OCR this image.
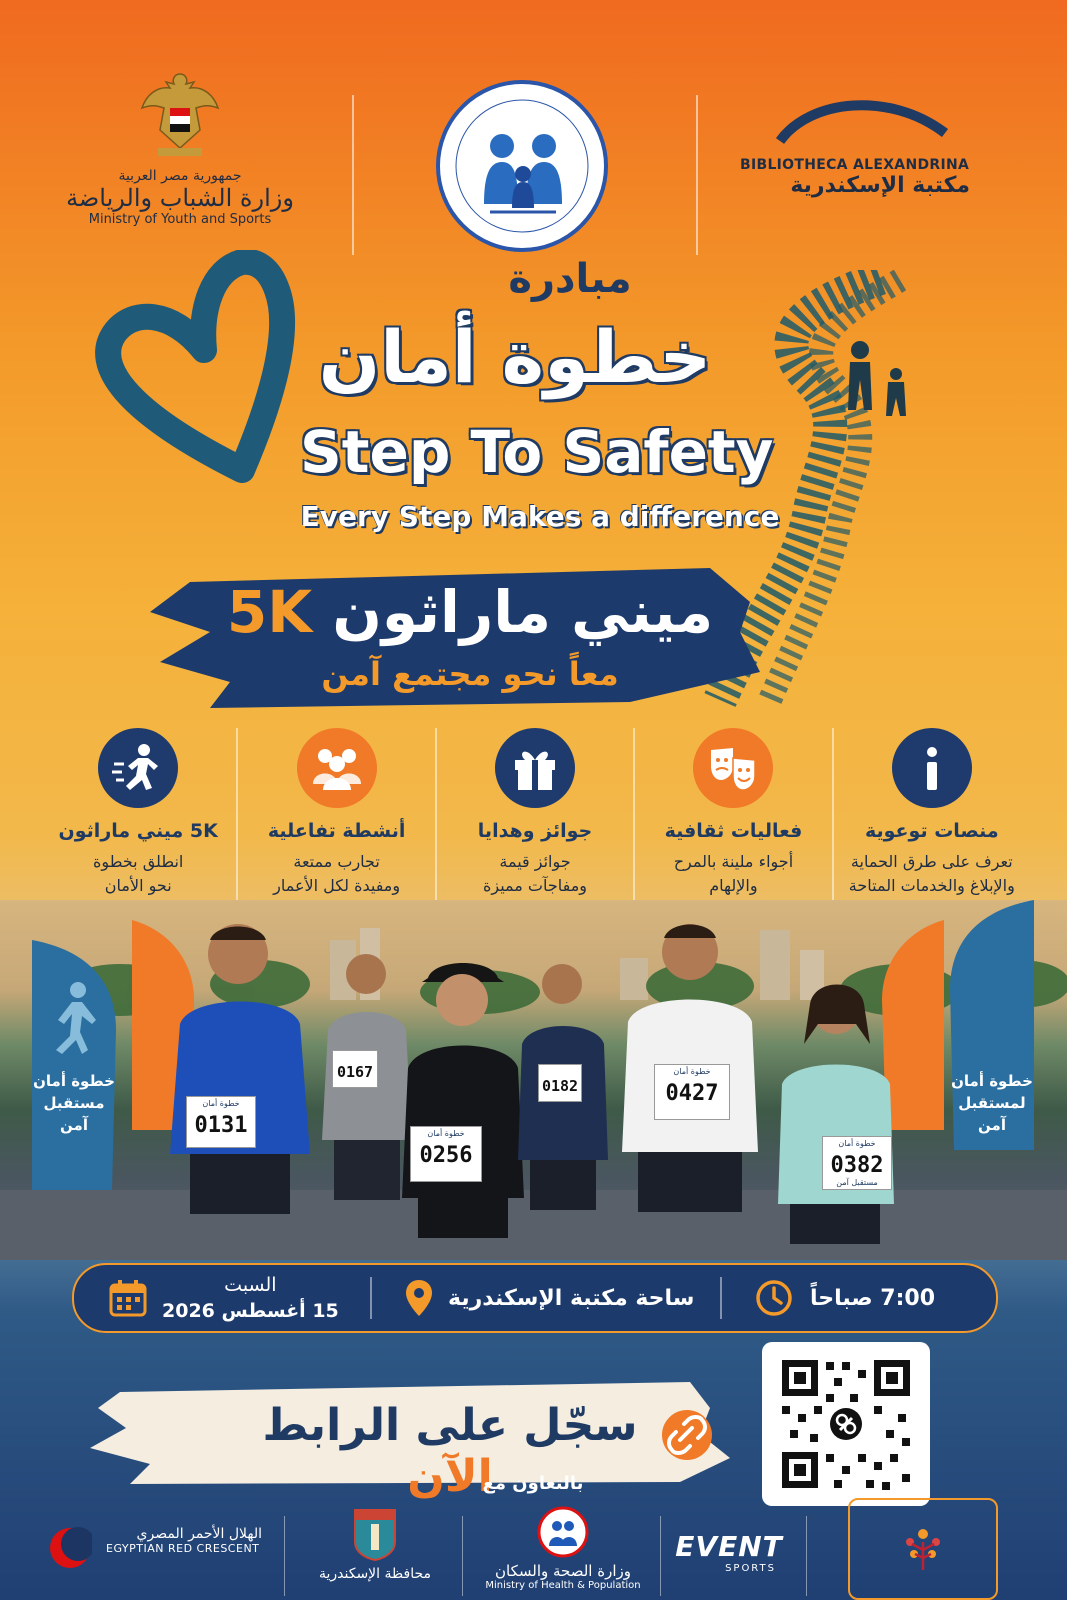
جمهورية مصر العربية
وزارة الشباب والرياضة
Ministry of Youth and Sports
BIBLIOTHECA ALEXANDRINA
مكتبة الإسكندرية
مبادرة
خطوة أمان
Step To Safety
Every Step Makes a difference
ميني ماراثون 5K
معاً نحو مجتمع آمن
5K ميني ماراثون
انطلق بخطوة
نحو الأمان
أنشطة تفاعلية
تجارب ممتعة
ومفيدة لكل الأعمار
جوائز وهدايا
جوائز قيمة
ومفاجآت مميزة
فعاليات ثقافية
أجواء ملينة بالمرح
والإلهام
منصات توعوية
تعرف على طرق الحماية
والإبلاغ والخدمات المتاحة
خطوة أمان
مستقبل آمن
خطوة أمان
لمستقبل آمن
خطوة أمان
0131
0167
خطوة أمان
0256
0182
خطوة أمان
0427
خطوة أمان
0382
مستقبل آمن
السبت
15 أغسطس 2026
ساحة مكتبة الإسكندرية	7:00 صباحاً
سجّل على الرابط الآن
بالتعاون مع
الهلال الأحمر المصري
EGYPTIAN RED CRESCENT
محافظة الإسكندرية	وزارة الصحة والسكان
Ministry of Health & Population
EVENT
SPORTS
